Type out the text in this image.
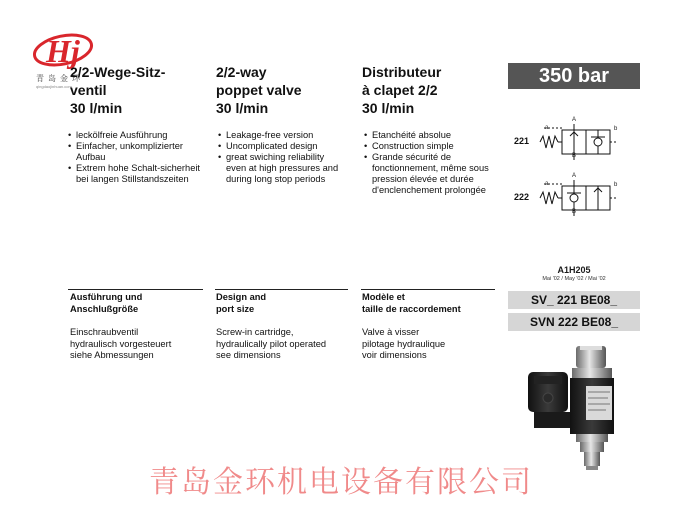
Hj
青岛金环
qingdaojinhuan.com
2/2-Wege-Sitz-
ventil
30 l/min
• leckölfreie Ausführung
• Einfacher, unkomplizierter Aufbau
• Extrem hohe Schalt-sicherheit bei langen Stillstandszeiten
Ausführung und
Anschlußgröße
Einschraubventil
hydraulisch vorgesteuert
siehe Abmessungen
2/2-way
poppet valve
30 l/min
• Leakage-free version
• Uncomplicated design
• great swiching reliability even at high pressures and during long stop periods
Design and
port size
Screw-in cartridge,
hydraulically pilot operated
see dimensions
Distributeur
à clapet 2/2
30 l/min
• Etanchéité absolue
• Construction simple
• Grande sécurité de fonctionnement, même sous pression élevée et durée d'enclenchement prolongée
Modèle et
taille de raccordement
Valve à visser
pilotage hydraulique
voir dimensions
350 bar
221
A
B
a	b
222
A
B
a	b
A1H205
Mai '02 / May '02 / Mai '02
SV_ 221 BE08_
SVN 222 BE08_
青岛金环机电设备有限公司
